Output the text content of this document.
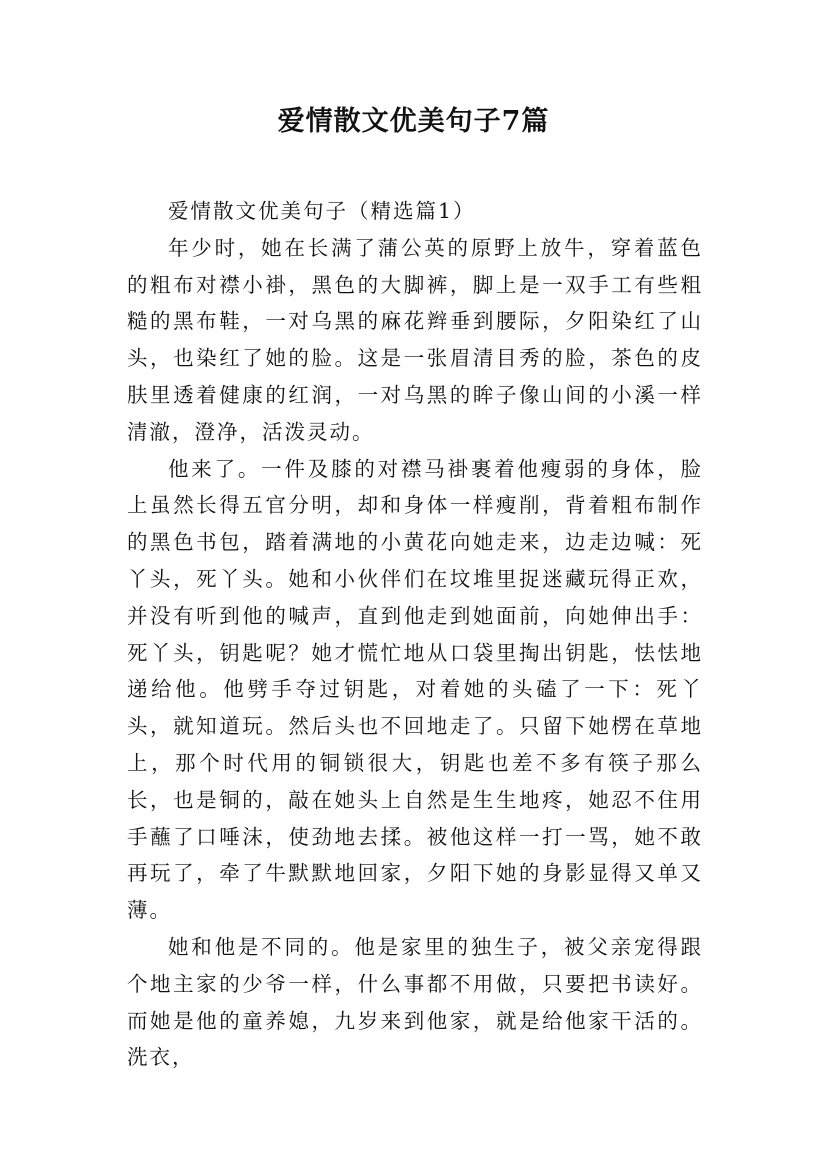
爱情散文优美句子7篇

爱情散文优美句子（精选篇1）

年少时，她在长满了蒲公英的原野上放牛，穿着蓝色的粗布对襟小褂，黑色的大脚裤，脚上是一双手工有些粗糙的黑布鞋，一对乌黑的麻花辫垂到腰际，夕阳染红了山头，也染红了她的脸。这是一张眉清目秀的脸，茶色的皮肤里透着健康的红润，一对乌黑的眸子像山间的小溪一样清澈，澄净，活泼灵动。

他来了。一件及膝的对襟马褂裹着他瘦弱的身体，脸上虽然长得五官分明，却和身体一样瘦削，背着粗布制作的黑色书包，踏着满地的小黄花向她走来，边走边喊：死丫头，死丫头。她和小伙伴们在坟堆里捉迷藏玩得正欢，并没有听到他的喊声，直到他走到她面前，向她伸出手：死丫头，钥匙呢？她才慌忙地从口袋里掏出钥匙，怯怯地递给他。他劈手夺过钥匙，对着她的头磕了一下：死丫头，就知道玩。然后头也不回地走了。只留下她楞在草地上，那个时代用的铜锁很大，钥匙也差不多有筷子那么长，也是铜的，敲在她头上自然是生生地疼，她忍不住用手蘸了口唾沫，使劲地去揉。被他这样一打一骂，她不敢再玩了，牵了牛默默地回家，夕阳下她的身影显得又单又薄。

她和他是不同的。他是家里的独生子，被父亲宠得跟个地主家的少爷一样，什么事都不用做，只要把书读好。而她是他的童养媳，九岁来到他家，就是给他家干活的。洗衣，
